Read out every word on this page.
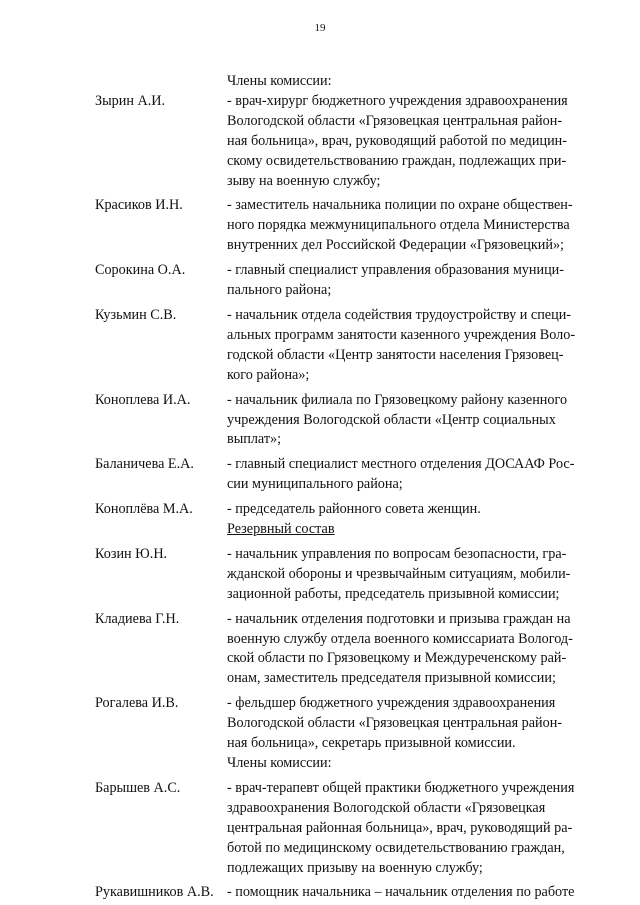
19
Члены комиссии:
Зырин А.И.	- врач-хирург бюджетного учреждения здравоохранения
Вологодской области «Грязовецкая центральная район-
ная больница», врач, руководящий работой по медицин-
скому освидетельствованию граждан, подлежащих при-
зыву на военную службу;
Красиков И.Н.	- заместитель начальника полиции по охране обществен-
ного порядка межмуниципального отдела Министерства
внутренних дел Российской Федерации «Грязовецкий»;
Сорокина О.А.	- главный специалист управления образования муници-
пального района;
Кузьмин С.В.	- начальник отдела содействия трудоустройству и специ-
альных программ занятости казенного учреждения Воло-
годской области «Центр занятости населения Грязовец-
кого района»;
Коноплева И.А.	- начальник филиала по Грязовецкому району казенного
учреждения Вологодской области «Центр социальных
выплат»;
Баланичева Е.А.	- главный специалист местного отделения ДОСААФ Рос-
сии муниципального района;
Коноплёва М.А.	- председатель районного совета женщин.
Резервный состав
Козин Ю.Н.	- начальник управления по вопросам безопасности, гра-
жданской обороны и чрезвычайным ситуациям, мобили-
зационной работы, председатель призывной комиссии;
Кладиева Г.Н.	- начальник отделения подготовки и призыва граждан на
военную службу отдела военного комиссариата Вологод-
ской области по Грязовецкому и Междуреченскому рай-
онам, заместитель председателя призывной комиссии;
Рогалева И.В.	- фельдшер бюджетного учреждения здравоохранения
Вологодской области «Грязовецкая центральная район-
ная больница», секретарь призывной комиссии.
Члены комиссии:
Барышев А.С.	- врач-терапевт общей практики бюджетного учреждения
здравоохранения Вологодской области «Грязовецкая
центральная районная больница», врач, руководящий ра-
ботой по медицинскому освидетельствованию граждан,
подлежащих призыву на военную службу;
Рукавишников А.В. - помощник начальника – начальник отделения по работе
